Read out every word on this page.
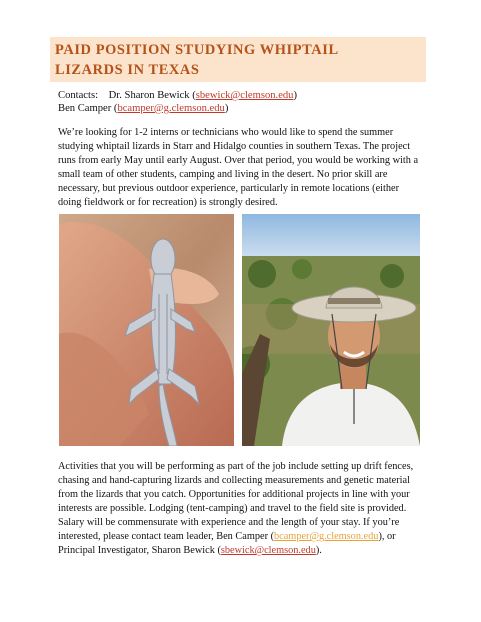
PAID POSITION STUDYING WHIPTAIL
LIZARDS IN TEXAS
Contacts: Dr. Sharon Bewick (sbewick@clemson.edu)
Ben Camper (bcamper@g.clemson.edu)

We’re looking for 1-2 interns or technicians who would like to spend the summer studying whiptail lizards in Starr and Hidalgo counties in southern Texas. The project runs from early May until early August. Over that period, you would be working with a small team of other students, camping and living in the desert. No prior skill are necessary, but previous outdoor experience, particularly in remote locations (either doing fieldwork or for recreation) is strongly desired.

Activities that you will be performing as part of the job include setting up drift fences, chasing and hand-capturing lizards and collecting measurements and genetic material from the lizards that you catch. Opportunities for additional projects in line with your interests are possible. Lodging (tent-camping) and travel to the field site is provided. Salary will be commensurate with experience and the length of your stay. If you’re interested, please contact team leader, Ben Camper (bcamper@g.clemson.edu), or Principal Investigator, Sharon Bewick (sbewick@clemson.edu).
